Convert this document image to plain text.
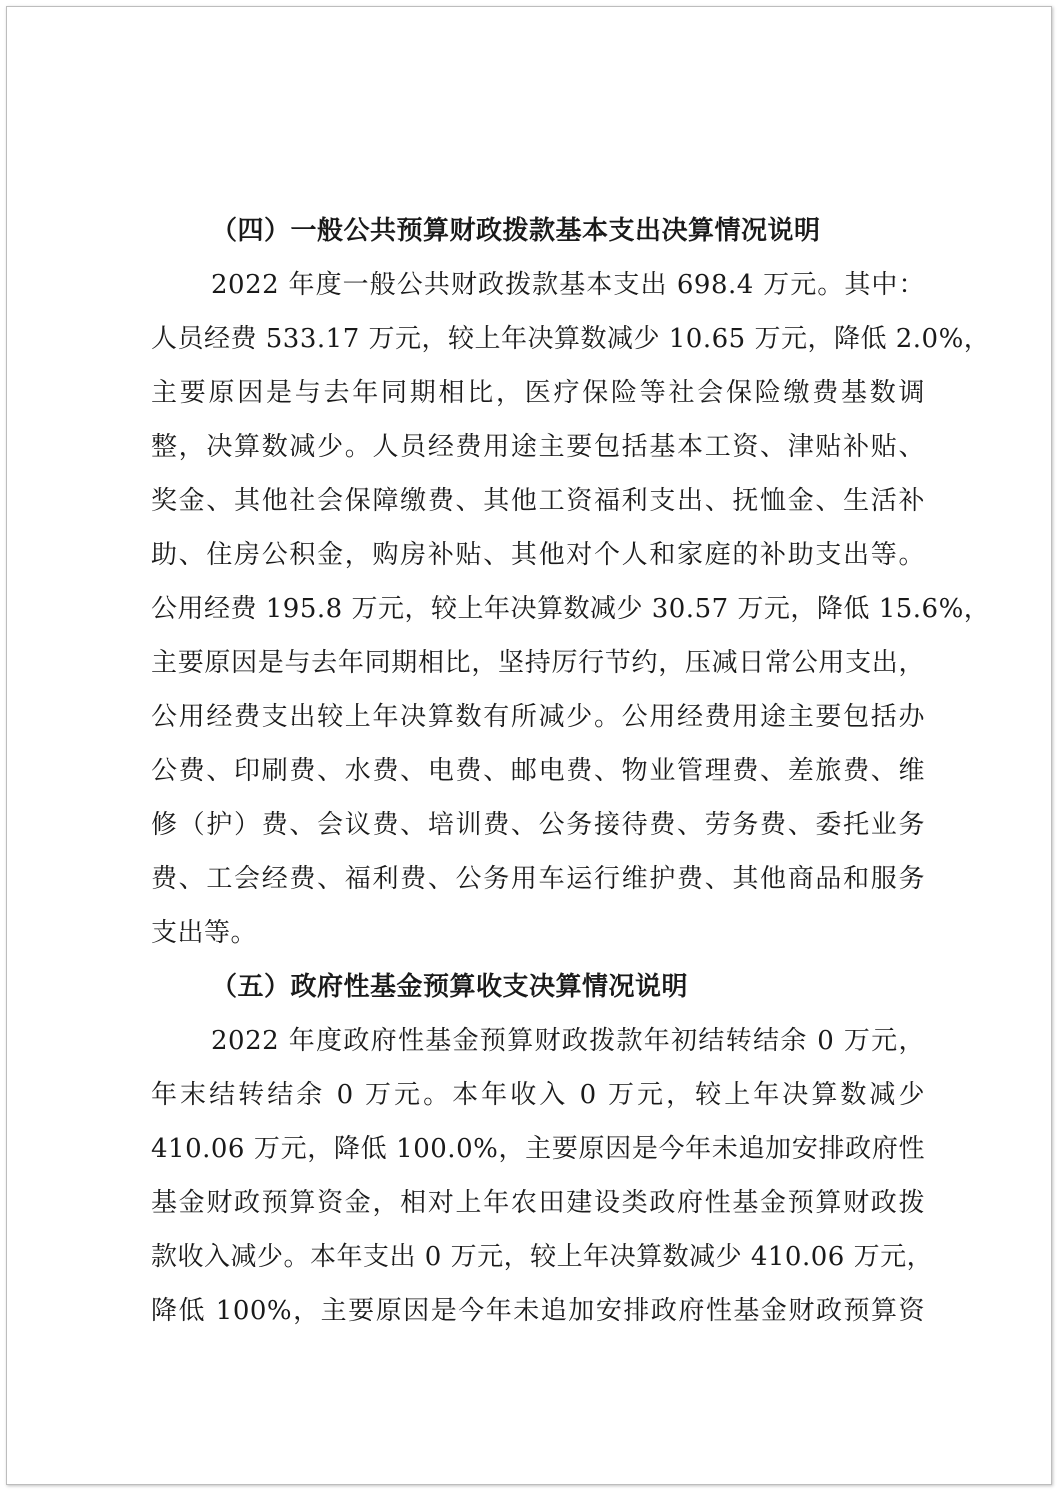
（四）一般公共预算财政拨款基本支出决算情况说明
2022 年度一般公共财政拨款基本支出 698.4 万元。其中：
人员经费 533.17 万元，较上年决算数减少 10.65 万元，降低 2.0%，
主要原因是与去年同期相比，医疗保险等社会保险缴费基数调
整，决算数减少。人员经费用途主要包括基本工资、津贴补贴、
奖金、其他社会保障缴费、其他工资福利支出、抚恤金、生活补
助、住房公积金，购房补贴、其他对个人和家庭的补助支出等。
公用经费 195.8 万元，较上年决算数减少 30.57 万元，降低 15.6%，
主要原因是与去年同期相比，坚持厉行节约，压减日常公用支出，
公用经费支出较上年决算数有所减少。公用经费用途主要包括办
公费、印刷费、水费、电费、邮电费、物业管理费、差旅费、维
修（护）费、会议费、培训费、公务接待费、劳务费、委托业务
费、工会经费、福利费、公务用车运行维护费、其他商品和服务
支出等。
（五）政府性基金预算收支决算情况说明
2022 年度政府性基金预算财政拨款年初结转结余 0 万元，
年末结转结余 0 万元。本年收入 0 万元，较上年决算数减少
410.06 万元，降低 100.0%，主要原因是今年未追加安排政府性
基金财政预算资金，相对上年农田建设类政府性基金预算财政拨
款收入减少。本年支出 0 万元，较上年决算数减少 410.06 万元，
降低 100%，主要原因是今年未追加安排政府性基金财政预算资
